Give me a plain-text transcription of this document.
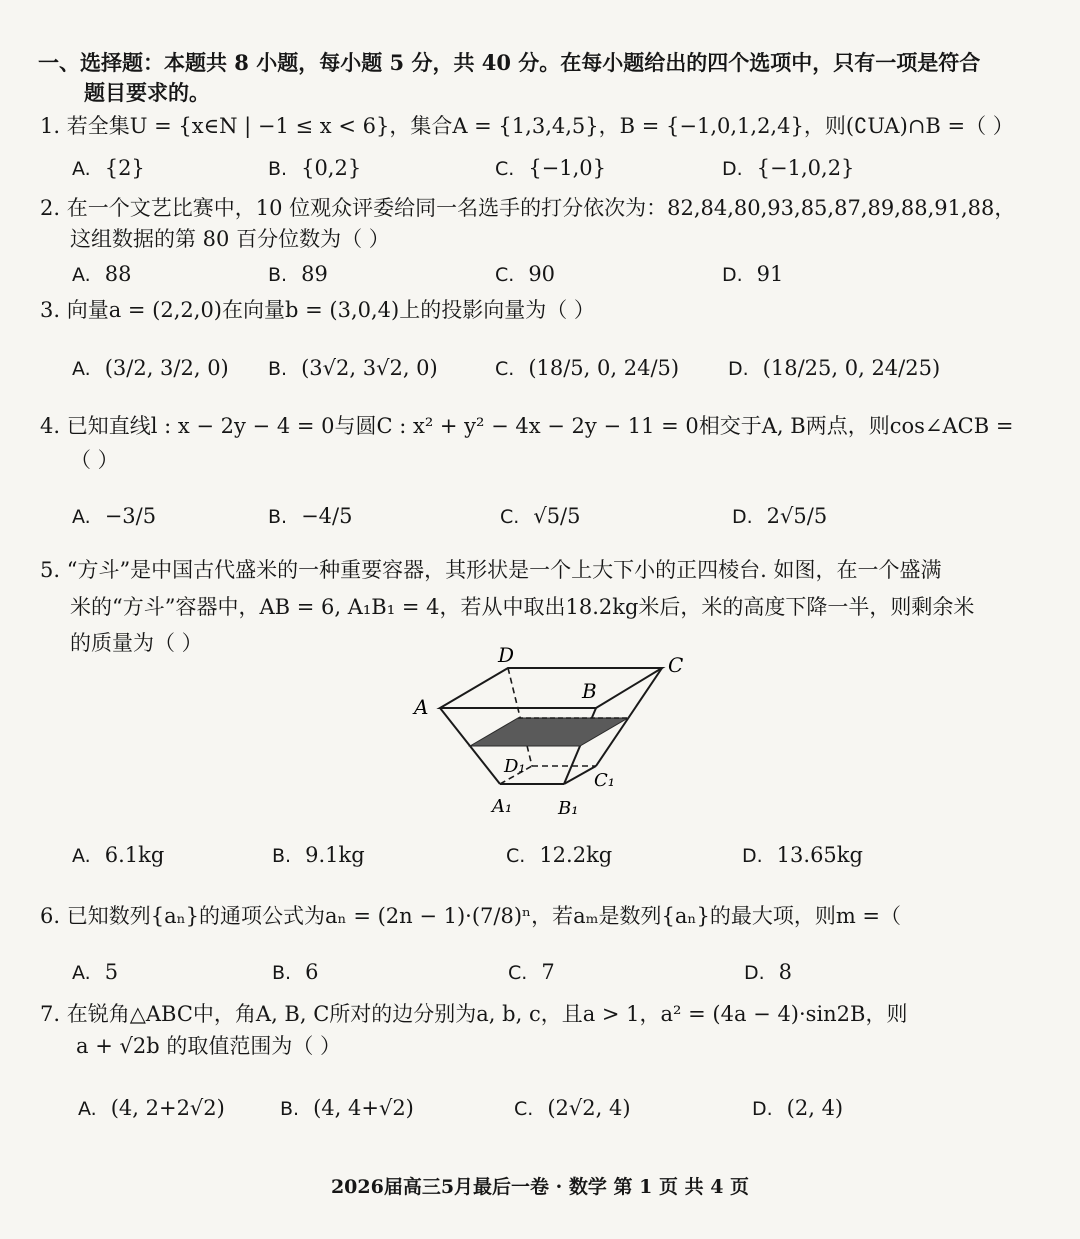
一、选择题：本题共 8 小题，每小题 5 分，共 40 分。在每小题给出的四个选项中，只有一项是符合
题目要求的。
1. 若全集U = {x∈N | −1 ≤ x < 6}，集合A = {1,3,4,5}，B = {−1,0,1,2,4}，则(∁UA)∩B =（ ）
A. {2}	B. {0,2}	C. {−1,0}	D. {−1,0,2}
2. 在一个文艺比赛中，10 位观众评委给同一名选手的打分依次为：82,84,80,93,85,87,89,88,91,88，
这组数据的第 80 百分位数为（ ）
A. 88	B. 89	C. 90	D. 91
3. 向量a = (2,2,0)在向量b = (3,0,4)上的投影向量为（ ）
A. (3/2, 3/2, 0) B. (3√2, 3√2, 0)	C. (18/5, 0, 24/5)	D. (18/25, 0, 24/25)
4. 已知直线l : x − 2y − 4 = 0与圆C : x² + y² − 4x − 2y − 11 = 0相交于A, B两点，则cos∠ACB =
（ ）
A. −3/5	B. −4/5	C. √5/5	D. 2√5/5
5. “方斗”是中国古代盛米的一种重要容器，其形状是一个上大下小的正四棱台. 如图，在一个盛满
米的“方斗”容器中，AB = 6, A₁B₁ = 4，若从中取出18.2kg米后，米的高度下降一半，则剩余米
的质量为（ ）	D	C
B
A
D₁
C₁
A₁	B₁
A. 6.1kg	B. 9.1kg	C. 12.2kg	D. 13.65kg
6. 已知数列{aₙ}的通项公式为aₙ = (2n − 1)·(7/8)ⁿ，若aₘ是数列{aₙ}的最大项，则m =（
A. 5	B. 6	C. 7	D. 8
7. 在锐角△ABC中，角A, B, C所对的边分别为a, b, c，且a > 1，a² = (4a − 4)·sin2B，则
a + √2b 的取值范围为（ ）
A. (4, 2+2√2)	B. (4, 4+√2)	C. (2√2, 4)	D. (2, 4)
2026届高三5月最后一卷 · 数学 第 1 页 共 4 页
